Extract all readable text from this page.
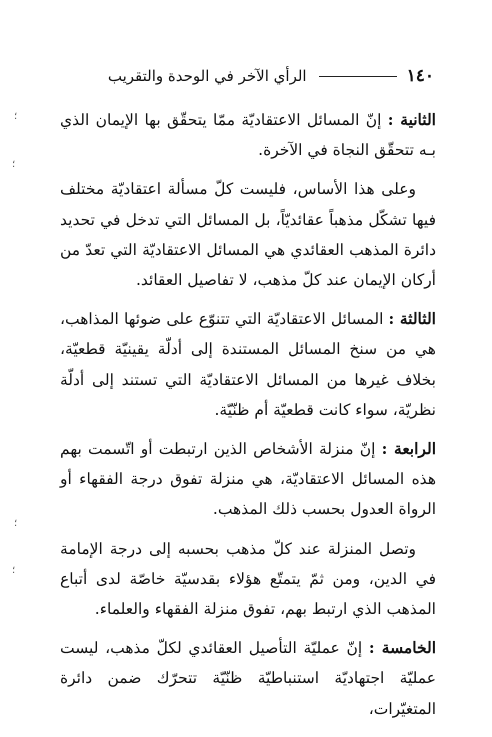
١٤٠
الرأي الآخر في الوحدة والتقريب

الثانية : إنّ المسائل الاعتقاديّة ممّا يتحقّق بها الإيمان الذي بـه تتحقّق النجاة في الآخرة.

وعلى هذا الأساس، فليست كلّ مسألة اعتقاديّة مختلف فيها تشكّل مذهباً عقائديّاً، بل المسائل التي تدخل في تحديد دائرة المذهب العقائدي هي المسائل الاعتقاديّة التي تعدّ من أركان الإيمان عند كلّ مذهب، لا تفاصيل العقائد.

الثالثة : المسائل الاعتقاديّة التي تتنوّع على ضوئها المذاهب، هي من سنخ المسائل المستندة إلى أدلّة يقينيّة قطعيّة، بخلاف غيرها من المسائل الاعتقاديّة التي تستند إلى أدلّة نظريّة، سواء كانت قطعيّة أم ظنّيّة.

الرابعة : إنّ منزلة الأشخاص الذين ارتبطت أو اتّسمت بهم هذه المسائل الاعتقاديّة، هي منزلة تفوق درجة الفقهاء أو الرواة العدول بحسب ذلك المذهب.

وتصل المنزلة عند كلّ مذهب بحسبه إلى درجة الإمامة في الدين، ومن ثمّ يتمتّع هؤلاء بقدسيّة خاصّة لدى أتباع المذهب الذي ارتبط بهم، تفوق منزلة الفقهاء والعلماء.

الخامسة : إنّ عمليّة التأصيل العقائدي لكلّ مذهب، ليست عمليّة اجتهاديّة استنباطيّة ظنّيّة تتحرّك ضمن دائرة المتغيّرات،

؛
؛
؛
؛
